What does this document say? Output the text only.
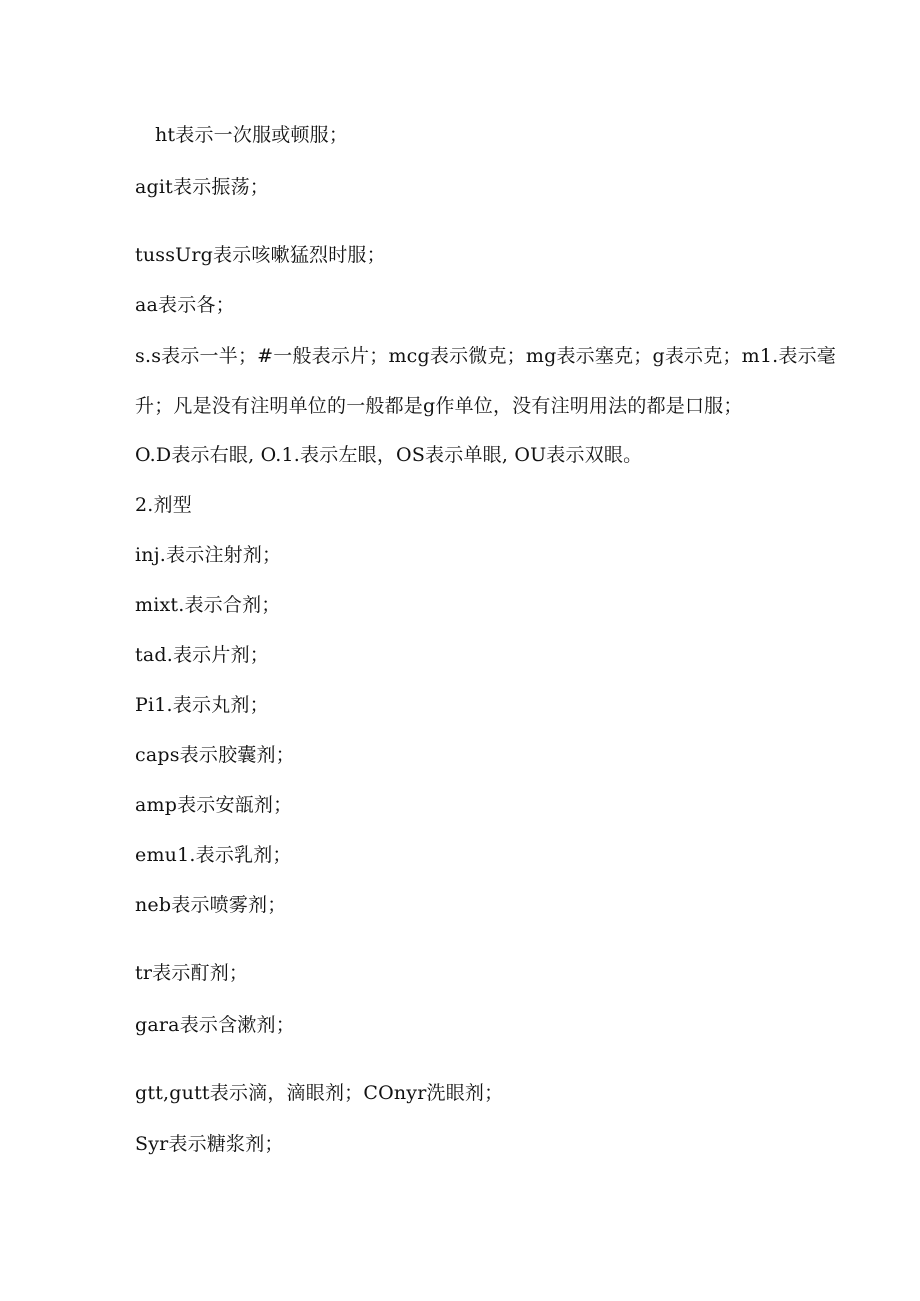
ht表示一次服或顿服；
agit表示振荡；
tussUrg表示咳嗽猛烈时服；
aa表示各；
s.s表示一半；#一般表示片；mcg表示微克；mg表示塞克；g表示克；m1.表示毫
升；凡是没有注明单位的一般都是g作单位，没有注明用法的都是口服；
O.D表示右眼, O.1.表示左眼，OS表示单眼, OU表示双眼。
2.剂型
inj.表示注射剂；
mixt.表示合剂；
tad.表示片剂；
Pi1.表示丸剂；
caps表示胶囊剂；
amp表示安瓿剂；
emu1.表示乳剂；
neb表示喷雾剂；
tr表示酊剂；
gara表示含漱剂；
gtt,gutt表示滴，滴眼剂；COnyr洗眼剂；
Syr表示糖浆剂；
